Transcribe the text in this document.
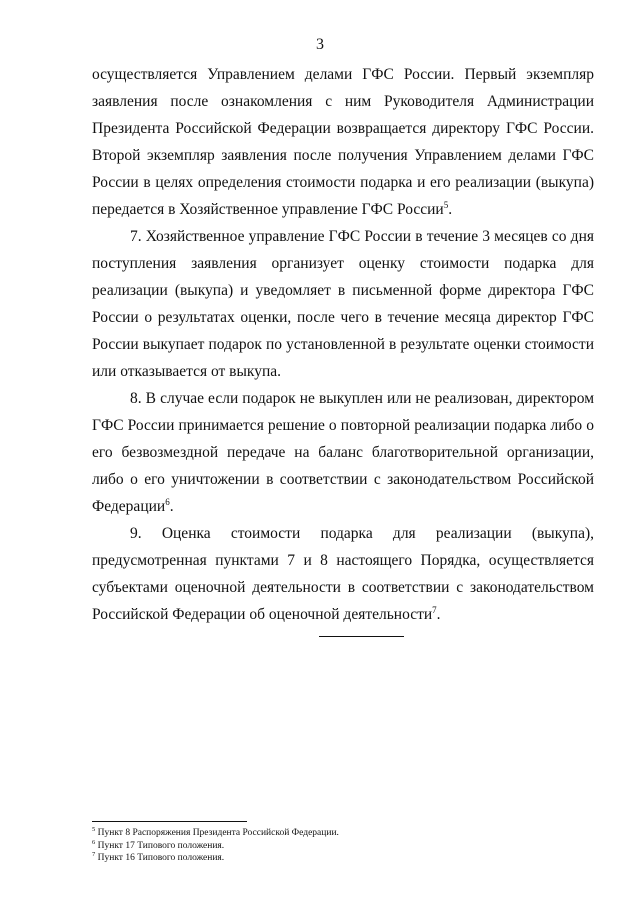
3

осуществляется Управлением делами ГФС России. Первый экземпляр заявления после ознакомления с ним Руководителя Администрации Президента Российской Федерации возвращается директору ГФС России. Второй экземпляр заявления после получения Управлением делами ГФС России в целях определения стоимости подарка и его реализации (выкупа) передается в Хозяйственное управление ГФС России$^5$.

7. Хозяйственное управление ГФС России в течение 3 месяцев со дня поступления заявления организует оценку стоимости подарка для реализации (выкупа) и уведомляет в письменной форме директора ГФС России о результатах оценки, после чего в течение месяца директор ГФС России выкупает подарок по установленной в результате оценки стоимости или отказывается от выкупа.

8. В случае если подарок не выкуплен или не реализован, директором ГФС России принимается решение о повторной реализации подарка либо о его безвозмездной передаче на баланс благотворительной организации, либо о его уничтожении в соответствии с законодательством Российской Федерации$^6$.

9. Оценка стоимости подарка для реализации (выкупа), предусмотренная пунктами 7 и 8 настоящего Порядка, осуществляется субъектами оценочной деятельности в соответствии с законодательством Российской Федерации об оценочной деятельности$^7$.

$^5$ Пункт 8 Распоряжения Президента Российской Федерации.
$^6$ Пункт 17 Типового положения.
$^7$ Пункт 16 Типового положения.
